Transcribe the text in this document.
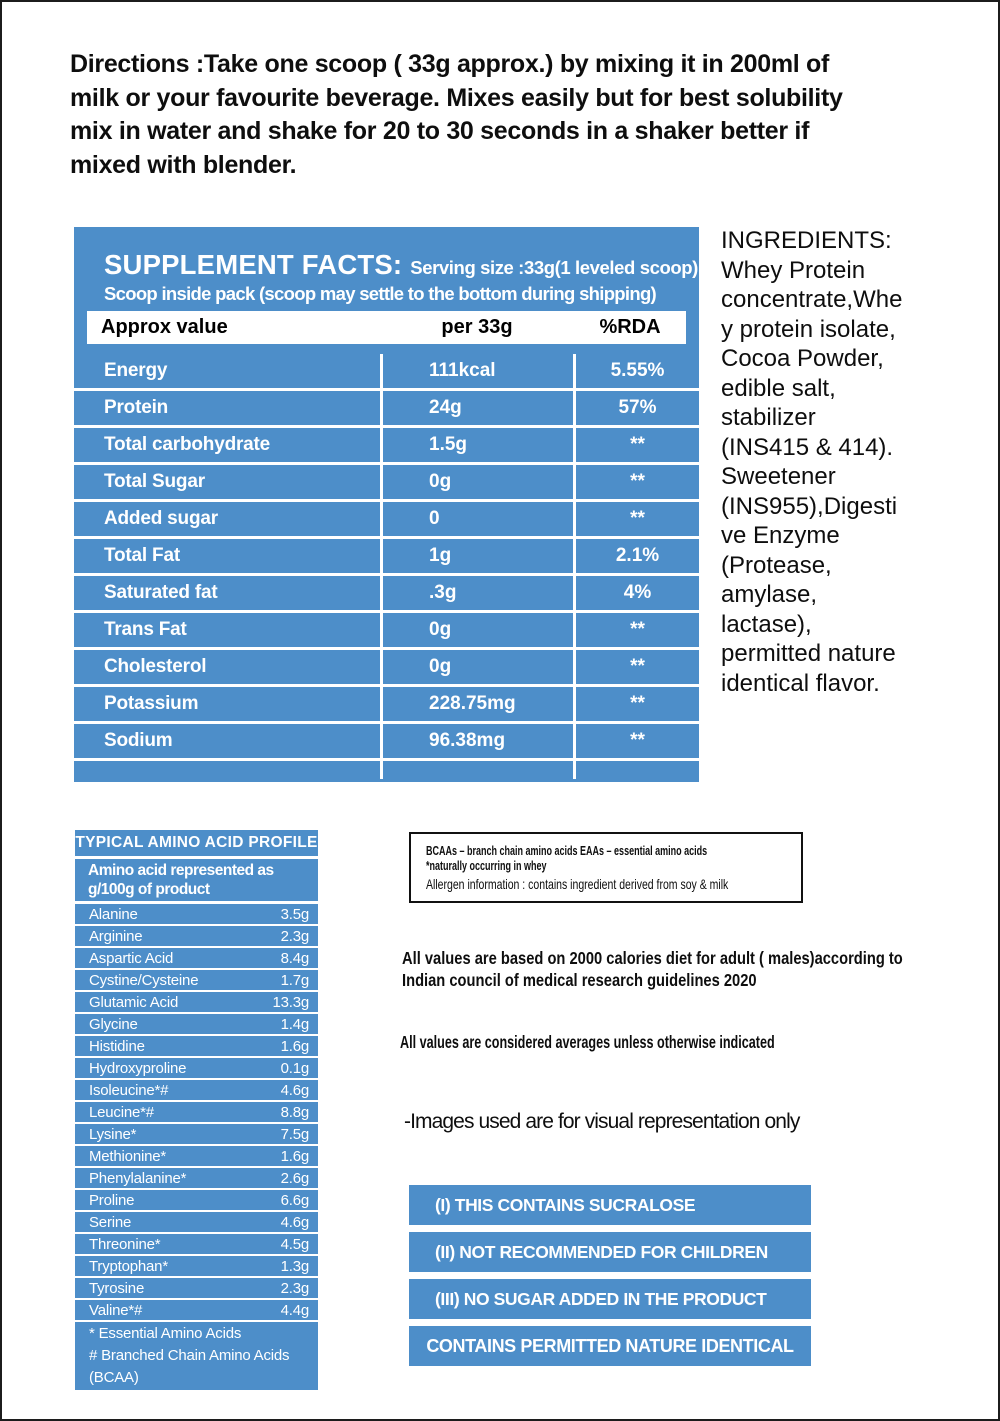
Directions :Take one scoop ( 33g approx.) by mixing it in 200ml of
milk or your favourite beverage. Mixes easily but for best solubility
mix in water and shake for 20 to 30 seconds in a shaker better if
mixed with blender.
SUPPLEMENT FACTS: Serving size :33g(1 leveled scoop)
Scoop inside pack (scoop may settle to the bottom during shipping)
Approx value	per 33g	%RDA
Energy	111kcal	5.55%
Protein	24g	57%
Total carbohydrate	1.5g	**
Total Sugar	0g	**
Added sugar	0	**
Total Fat	1g	2.1%
Saturated fat	.3g	4%
Trans Fat	0g	**
Cholesterol	0g	**
Potassium	228.75mg	**
Sodium	96.38mg	**
INGREDIENTS:
Whey Protein
concentrate,Whe
y protein isolate,
Cocoa Powder,
edible salt,
stabilizer
(INS415 & 414).
Sweetener
(INS955),Digesti
ve Enzyme
(Protease,
amylase,
lactase),
permitted nature
identical flavor.
TYPICAL AMINO ACID PROFILE
Amino acid represented as g/100g of product
Alanine	3.5g
Arginine	2.3g
Aspartic Acid	8.4g
Cystine/Cysteine	1.7g
Glutamic Acid	13.3g
Glycine	1.4g
Histidine	1.6g
Hydroxyproline	0.1g
Isoleucine*#	4.6g
Leucine*#	8.8g
Lysine*	7.5g
Methionine*	1.6g
Phenylalanine*	2.6g
Proline	6.6g
Serine	4.6g
Threonine*	4.5g
Tryptophan*	1.3g
Tyrosine	2.3g
Valine*#	4.4g
* Essential Amino Acids
# Branched Chain Amino Acids (BCAA)
BCAAs – branch chain amino acids EAAs – essential amino acids
*naturally occurring in whey
Allergen information : contains ingredient derived from soy & milk
All values are based on 2000 calories diet for adult ( males)according to
Indian council of medical research guidelines 2020
All values are considered averages unless otherwise indicated
-Images used are for visual representation only
(I) THIS CONTAINS SUCRALOSE
(II) NOT RECOMMENDED FOR CHILDREN
(III) NO SUGAR ADDED IN THE PRODUCT
CONTAINS PERMITTED NATURE IDENTICAL FLAVOR
